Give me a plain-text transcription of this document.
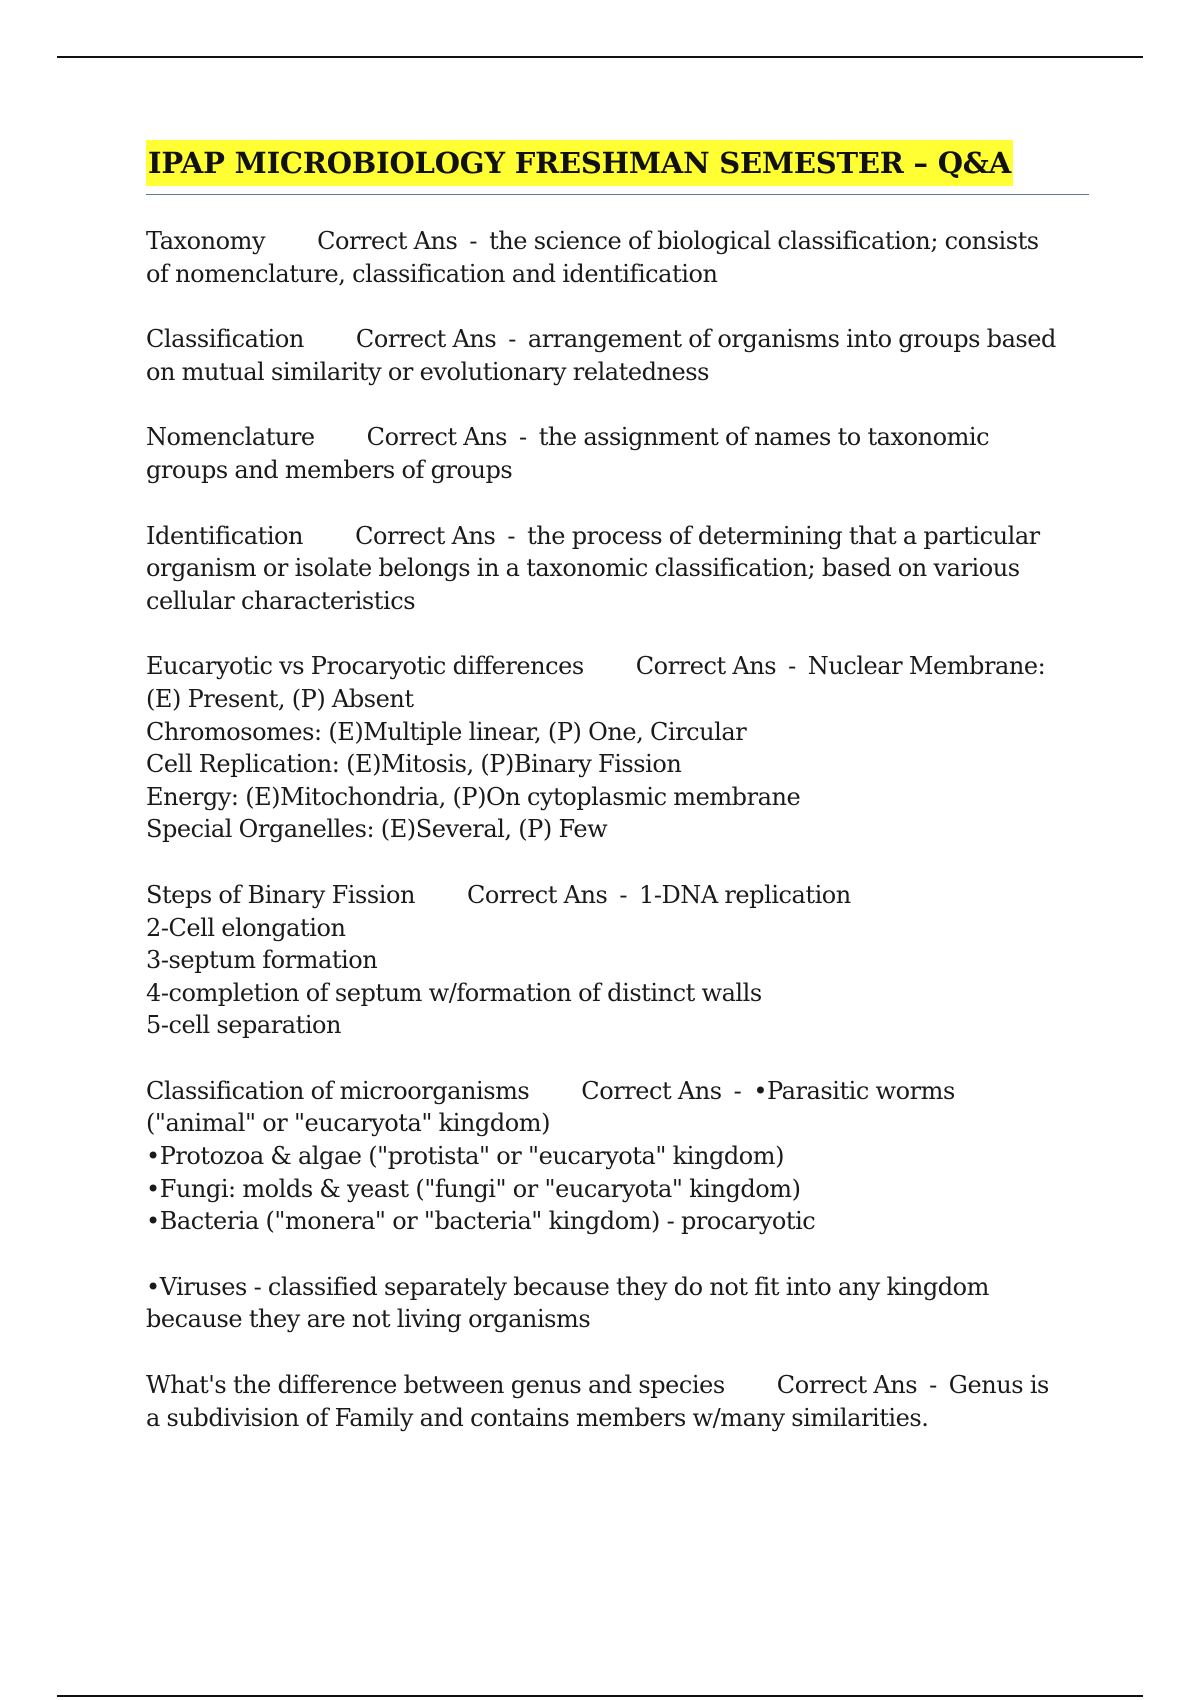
IPAP MICROBIOLOGY FRESHMAN SEMESTER – Q&A
Taxonomy Correct Ans - the science of biological classification; consists
of nomenclature, classification and identification
Classification Correct Ans - arrangement of organisms into groups based
on mutual similarity or evolutionary relatedness
Nomenclature Correct Ans - the assignment of names to taxonomic
groups and members of groups
Identification Correct Ans - the process of determining that a particular
organism or isolate belongs in a taxonomic classification; based on various
cellular characteristics
Eucaryotic vs Procaryotic differences Correct Ans - Nuclear Membrane:
(E) Present, (P) Absent
Chromosomes: (E)Multiple linear, (P) One, Circular
Cell Replication: (E)Mitosis, (P)Binary Fission
Energy: (E)Mitochondria, (P)On cytoplasmic membrane
Special Organelles: (E)Several, (P) Few
Steps of Binary Fission Correct Ans - 1-DNA replication
2-Cell elongation
3-septum formation
4-completion of septum w/formation of distinct walls
5-cell separation
Classification of microorganisms Correct Ans - •Parasitic worms
("animal" or "eucaryota" kingdom)
•Protozoa & algae ("protista" or "eucaryota" kingdom)
•Fungi: molds & yeast ("fungi" or "eucaryota" kingdom)
•Bacteria ("monera" or "bacteria" kingdom) - procaryotic
•Viruses - classified separately because they do not fit into any kingdom
because they are not living organisms
What's the difference between genus and species Correct Ans - Genus is
a subdivision of Family and contains members w/many similarities.
